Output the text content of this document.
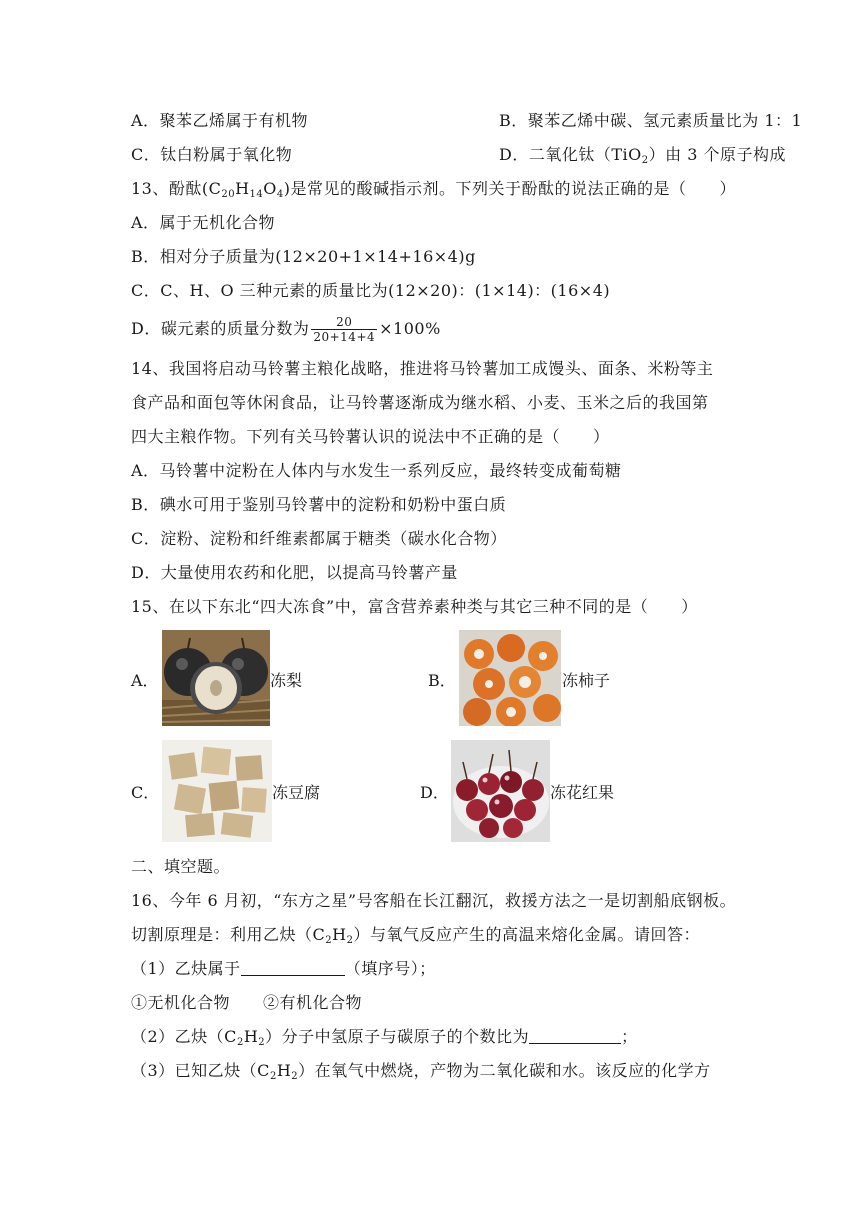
A．聚苯乙烯属于有机物	B．聚苯乙烯中碳、氢元素质量比为 1：1
C．钛白粉属于氧化物	D．二氧化钛（TiO$_2$）由 3 个原子构成
13、酚酞$(C_{20}H_{14}O_4)$是常见的酸碱指示剂。下列关于酚酞的说法正确的是（　　）
A．属于无机化合物
B．相对分子质量为(12×20+1×14+16×4)g
C．C、H、O 三种元素的质量比为(12×20)：(1×14)：(16×4)
D．碳元素的质量分数为 $\frac{20}{20+14+4} \times 100\%$
14、我国将启动马铃薯主粮化战略，推进将马铃薯加工成馒头、面条、米粉等主
食产品和面包等休闲食品，让马铃薯逐渐成为继水稻、小麦、玉米之后的我国第
四大主粮作物。下列有关马铃薯认识的说法中不正确的是（　　）
A．马铃薯中淀粉在人体内与水发生一系列反应，最终转变成葡萄糖
B．碘水可用于鉴别马铃薯中的淀粉和奶粉中蛋白质
C．淀粉、淀粉和纤维素都属于糖类（碳水化合物）
D．大量使用农药和化肥，以提高马铃薯产量
15、在以下东北“四大冻食”中，富含营养素种类与其它三种不同的是（　　）
A．	冻梨	B．	冻柿子
C．	冻豆腐	D．	冻花红果
二、填空题。
16、今年 6 月初，“东方之星”号客船在长江翻沉，救援方法之一是切割船底钢板。
切割原理是：利用乙炔$(C_2H_2)$与氧气反应产生的高温来熔化金属。请回答：
（1）乙炔属于	（填序号）；
①无机化合物　　②有机化合物
（2）乙炔$(C_2H_2)$分子中氢原子与碳原子的个数比为	；
（3）已知乙炔$(C_2H_2)$在氧气中燃烧，产物为二氧化碳和水。该反应的化学方
